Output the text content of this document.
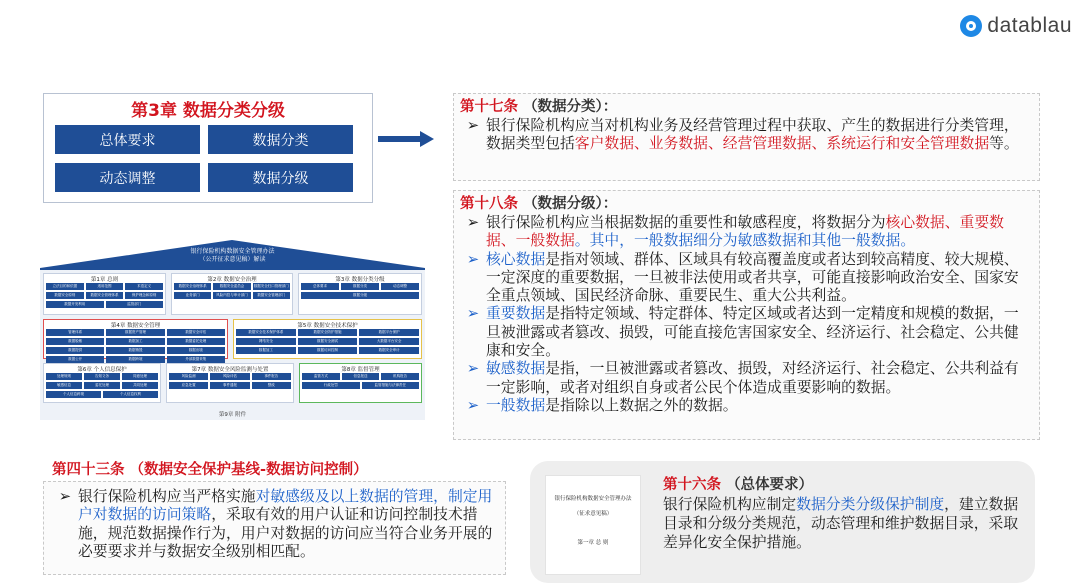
datablau
第3章 数据分类分级
总体要求	数据分类
动态调整	数据分级
银行保险机构数据安全管理办法
（公开征求意见稿）解读
第1章 总则
立法目的和依据	适用范围	术语定义
数据安全原则	数据安全管理体系	保护理念和原则
数据开发利用	监管部门
第2章 数据安全治理
数据安全治理体系	数据安全委员会	数据安全归口管理部门
业务部门	风险内控与审计部门	数据安全管理部门
第3章 数据分类分级
总体要求	数据分类	动态调整
数据分级
第4章 数据安全管理
管理体系	数据资产管理	数据安全评估
数据脱敏	数据加工	数据委托处理
数据提供	数据销毁	数据出境
数据公开	数据跨境	外部数据采集
第5章 数据安全技术保护
数据安全技术保护体系	数据安全防护措施	数据平台保护
网络安全	数据安全测试	大数据平台安全
数据加工	数据访问控制	数据安全审计
第6章 个人信息保护
处理规则	告知义务	同意处理
敏感信息	委托处理	共同处理
个人信息跨境	个人信息权利
第7章 数据安全风险监测与处置
风险监测	风险评估	事件报告
应急处置	事件通报	整改
第8章 监督管理
监管方式	信息报送	机构报告
行政处罚	监管措施与法律责任
第9章 附件
第十七条 （数据分类）：
➢ 银行保险机构应当对机构业务及经营管理过程中获取、产生的数据进行分类管理，数据类型包括客户数据、业务数据、经营管理数据、系统运行和安全管理数据等。
第十八条 （数据分级）：
➢ 银行保险机构应当根据数据的重要性和敏感程度，将数据分为核心数据、重要数据、一般数据。其中，一般数据细分为敏感数据和其他一般数据。
➢ 核心数据是指对领域、群体、区域具有较高覆盖度或者达到较高精度、较大规模、一定深度的重要数据，一旦被非法使用或者共享，可能直接影响政治安全、国家安全重点领域、国民经济命脉、重要民生、重大公共利益。
➢ 重要数据是指特定领域、特定群体、特定区域或者达到一定精度和规模的数据，一旦被泄露或者篡改、损毁，可能直接危害国家安全、经济运行、社会稳定、公共健康和安全。
➢ 敏感数据是指，一旦被泄露或者篡改、损毁，对经济运行、社会稳定、公共利益有一定影响，或者对组织自身或者公民个体造成重要影响的数据。
➢ 一般数据是指除以上数据之外的数据。
第四十三条 （数据安全保护基线-数据访问控制）
➢ 银行保险机构应当严格实施对敏感级及以上数据的管理，制定用户对数据的访问策略，采取有效的用户认证和访问控制技术措施，规范数据操作行为，用户对数据的访问应当符合业务开展的必要要求并与数据安全级别相匹配。
银行保险机构数据安全管理办法
（征求意见稿）
第一章 总 则
第十六条 （总体要求）
银行保险机构应制定数据分类分级保护制度，建立数据目录和分级分类规范，动态管理和维护数据目录，采取差异化安全保护措施。
